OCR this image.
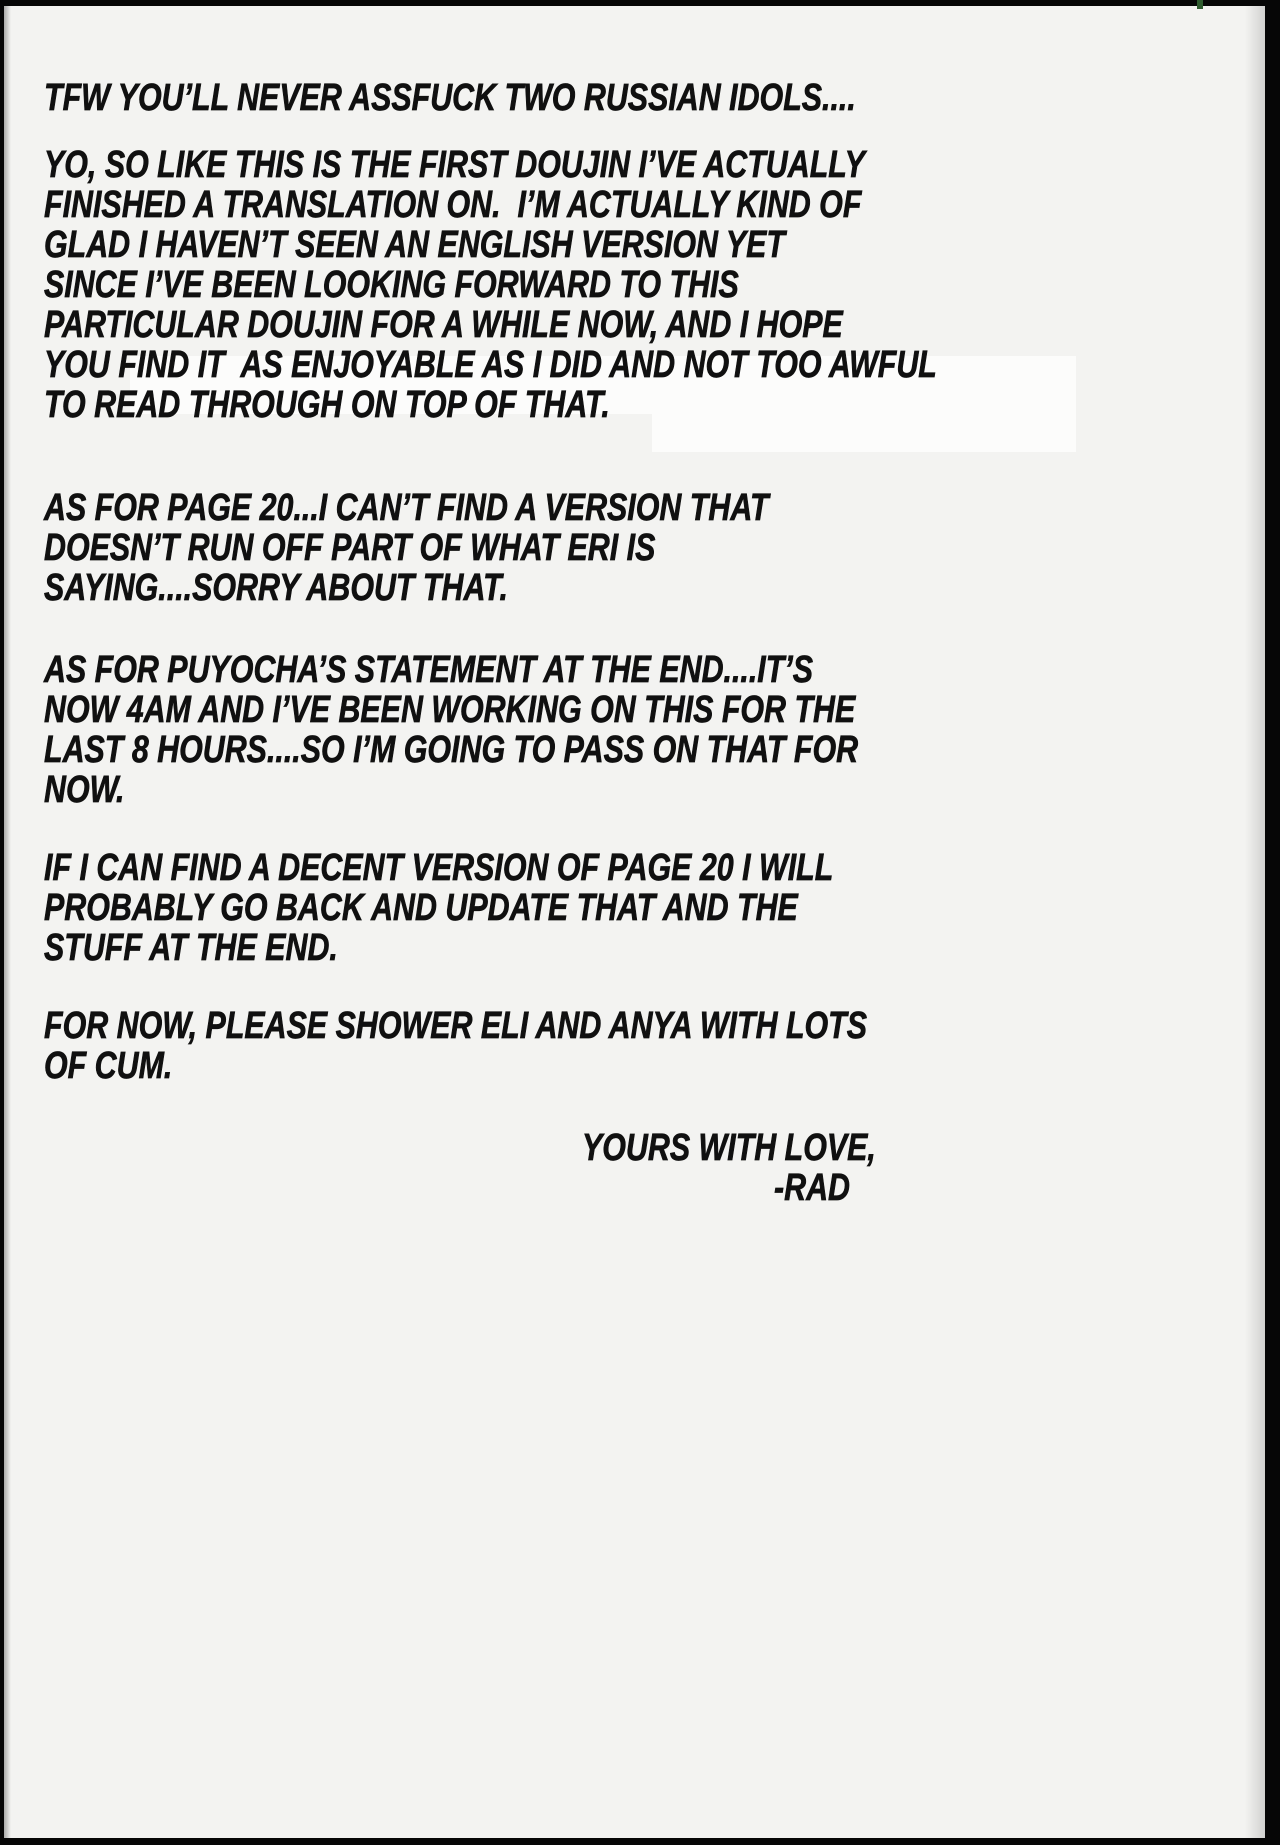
TFW YOU’LL NEVER ASSFUCK TWO RUSSIAN IDOLS....
YO, SO LIKE THIS IS THE FIRST DOUJIN I’VE ACTUALLY
FINISHED A TRANSLATION ON.  I’M ACTUALLY KIND OF
GLAD I HAVEN’T SEEN AN ENGLISH VERSION YET
SINCE I’VE BEEN LOOKING FORWARD TO THIS
PARTICULAR DOUJIN FOR A WHILE NOW, AND I HOPE
YOU FIND IT  AS ENJOYABLE AS I DID AND NOT TOO AWFUL
TO READ THROUGH ON TOP OF THAT.
AS FOR PAGE 20...I CAN’T FIND A VERSION THAT
DOESN’T RUN OFF PART OF WHAT ERI IS
SAYING....SORRY ABOUT THAT.
AS FOR PUYOCHA’S STATEMENT AT THE END....IT’S
NOW 4AM AND I’VE BEEN WORKING ON THIS FOR THE
LAST 8 HOURS....SO I’M GOING TO PASS ON THAT FOR
NOW.
IF I CAN FIND A DECENT VERSION OF PAGE 20 I WILL
PROBABLY GO BACK AND UPDATE THAT AND THE
STUFF AT THE END.
FOR NOW, PLEASE SHOWER ELI AND ANYA WITH LOTS
OF CUM.
YOURS WITH LOVE,
-RAD
